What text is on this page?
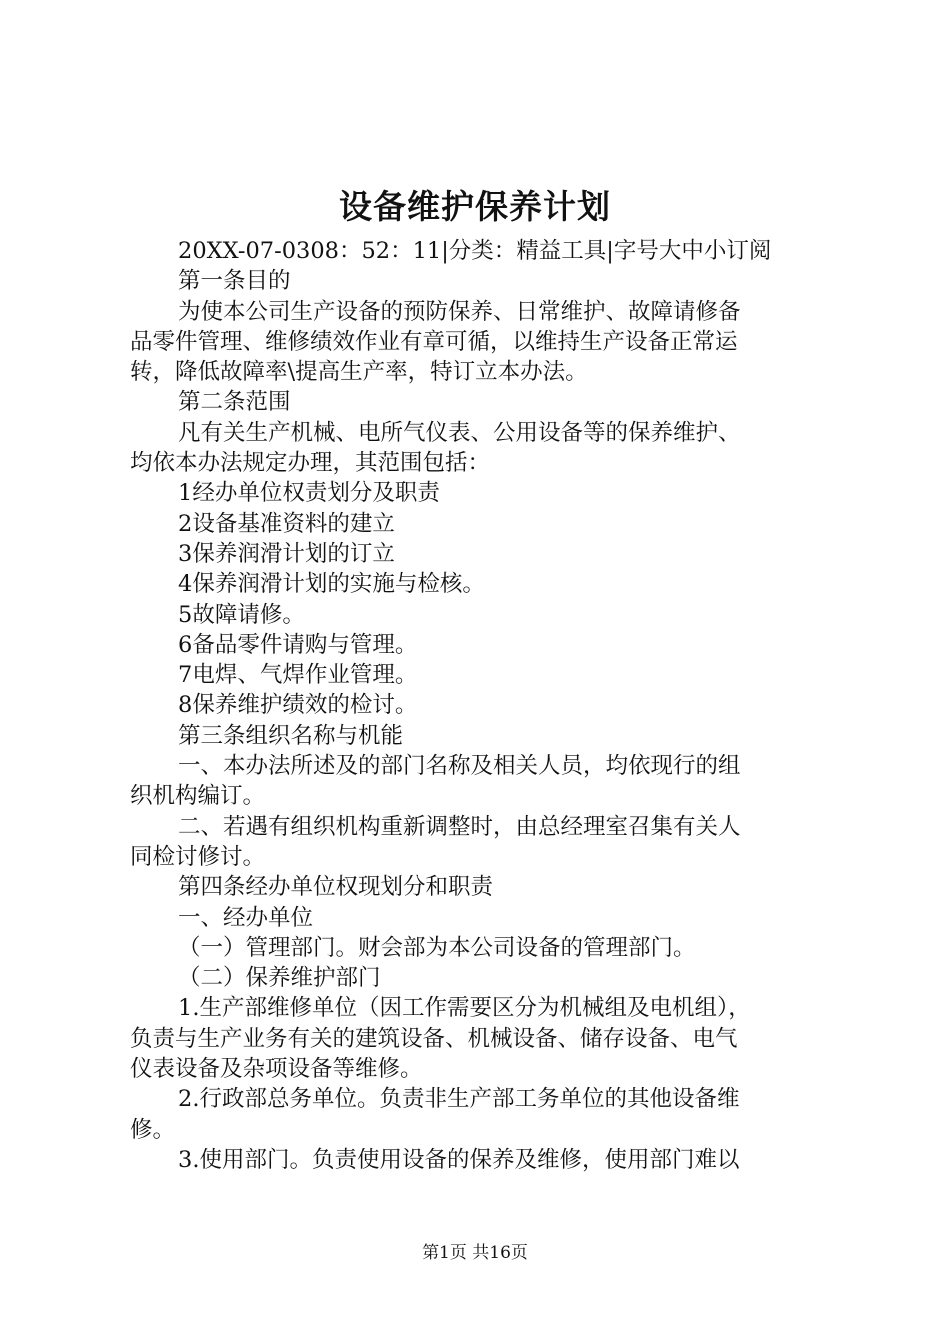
设备维护保养计划

20XX-07-0308：52：11|分类：精益工具|字号大中小订阅

第一条目的

为使本公司生产设备的预防保养、日常维护、故障请修备

品零件管理、维修绩效作业有章可循，以维持生产设备正常运

转，降低故障率\提高生产率，特订立本办法。

第二条范围

凡有关生产机械、电所气仪表、公用设备等的保养维护、

均依本办法规定办理，其范围包括：

1经办单位权责划分及职责

2设备基准资料的建立

3保养润滑计划的订立

4保养润滑计划的实施与检核。

5故障请修。

6备品零件请购与管理。

7电焊、气焊作业管理。

8保养维护绩效的检讨。

第三条组织名称与机能

一、本办法所述及的部门名称及相关人员，均依现行的组

织机构编订。

二、若遇有组织机构重新调整时，由总经理室召集有关人

同检讨修讨。

第四条经办单位权现划分和职责

一、经办单位

（一）管理部门。财会部为本公司设备的管理部门。

（二）保养维护部门

1.生产部维修单位（因工作需要区分为机械组及电机组），

负责与生产业务有关的建筑设备、机械设备、储存设备、电气

仪表设备及杂项设备等维修。

2.行政部总务单位。负责非生产部工务单位的其他设备维

修。

3.使用部门。负责使用设备的保养及维修，使用部门难以

第1页 共16页
